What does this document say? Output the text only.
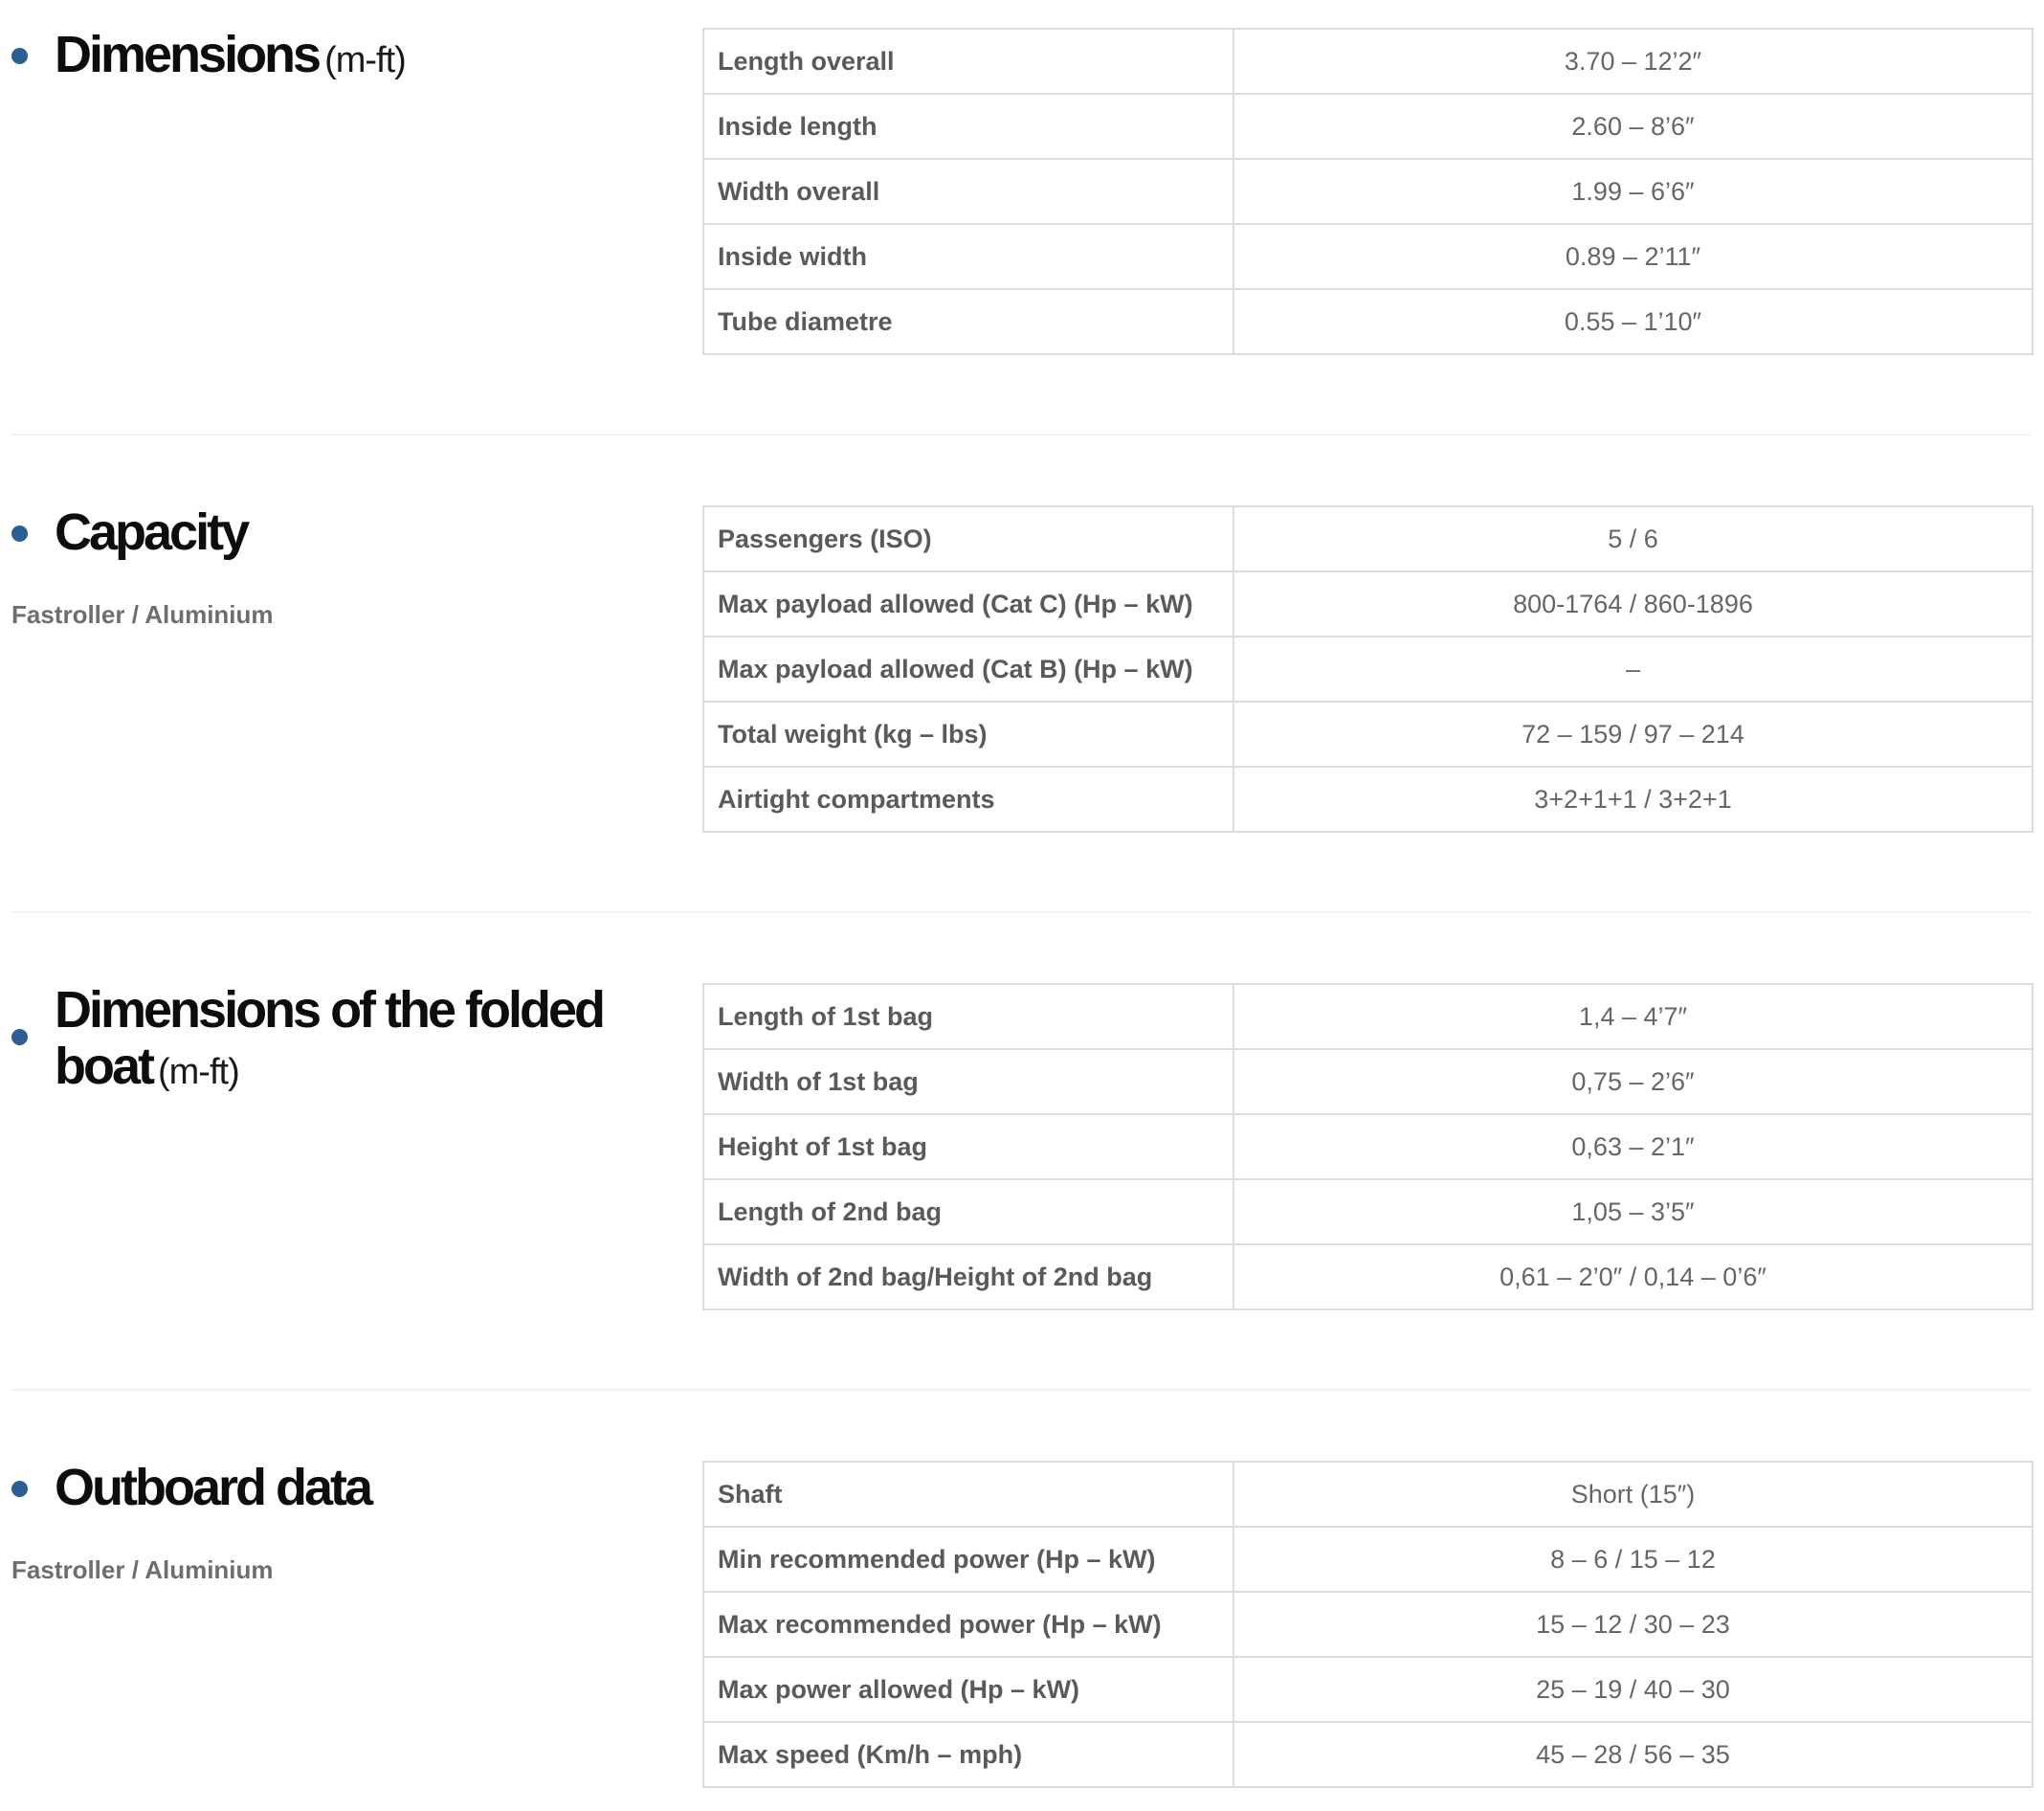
Dimensions (m-ft)	Length overall	3.70 – 12’2″
Inside length	2.60 – 8’6″
Width overall	1.99 – 6’6″
Inside width	0.89 – 2’11″
Tube diametre	0.55 – 1’10″
Capacity
Fastroller / Aluminium
Passengers (ISO)	5 / 6
Max payload allowed (Cat C) (Hp – kW)	800-1764 / 860-1896
Max payload allowed (Cat B) (Hp – kW)	–
Total weight (kg – lbs)	72 – 159 / 97 – 214
Airtight compartments	3+2+1+1 / 3+2+1
Dimensions of the folded
boat (m-ft)
Length of 1st bag	1,4 – 4’7″
Width of 1st bag	0,75 – 2’6″
Height of 1st bag	0,63 – 2’1″
Length of 2nd bag	1,05 – 3’5″
Width of 2nd bag/Height of 2nd bag	0,61 – 2’0″ / 0,14 – 0’6″
Outboard data
Fastroller / Aluminium
Shaft	Short (15″)
Min recommended power (Hp – kW)	8 – 6 / 15 – 12
Max recommended power (Hp – kW)	15 – 12 / 30 – 23
Max power allowed (Hp – kW)	25 – 19 / 40 – 30
Max speed (Km/h – mph)	45 – 28 / 56 – 35
